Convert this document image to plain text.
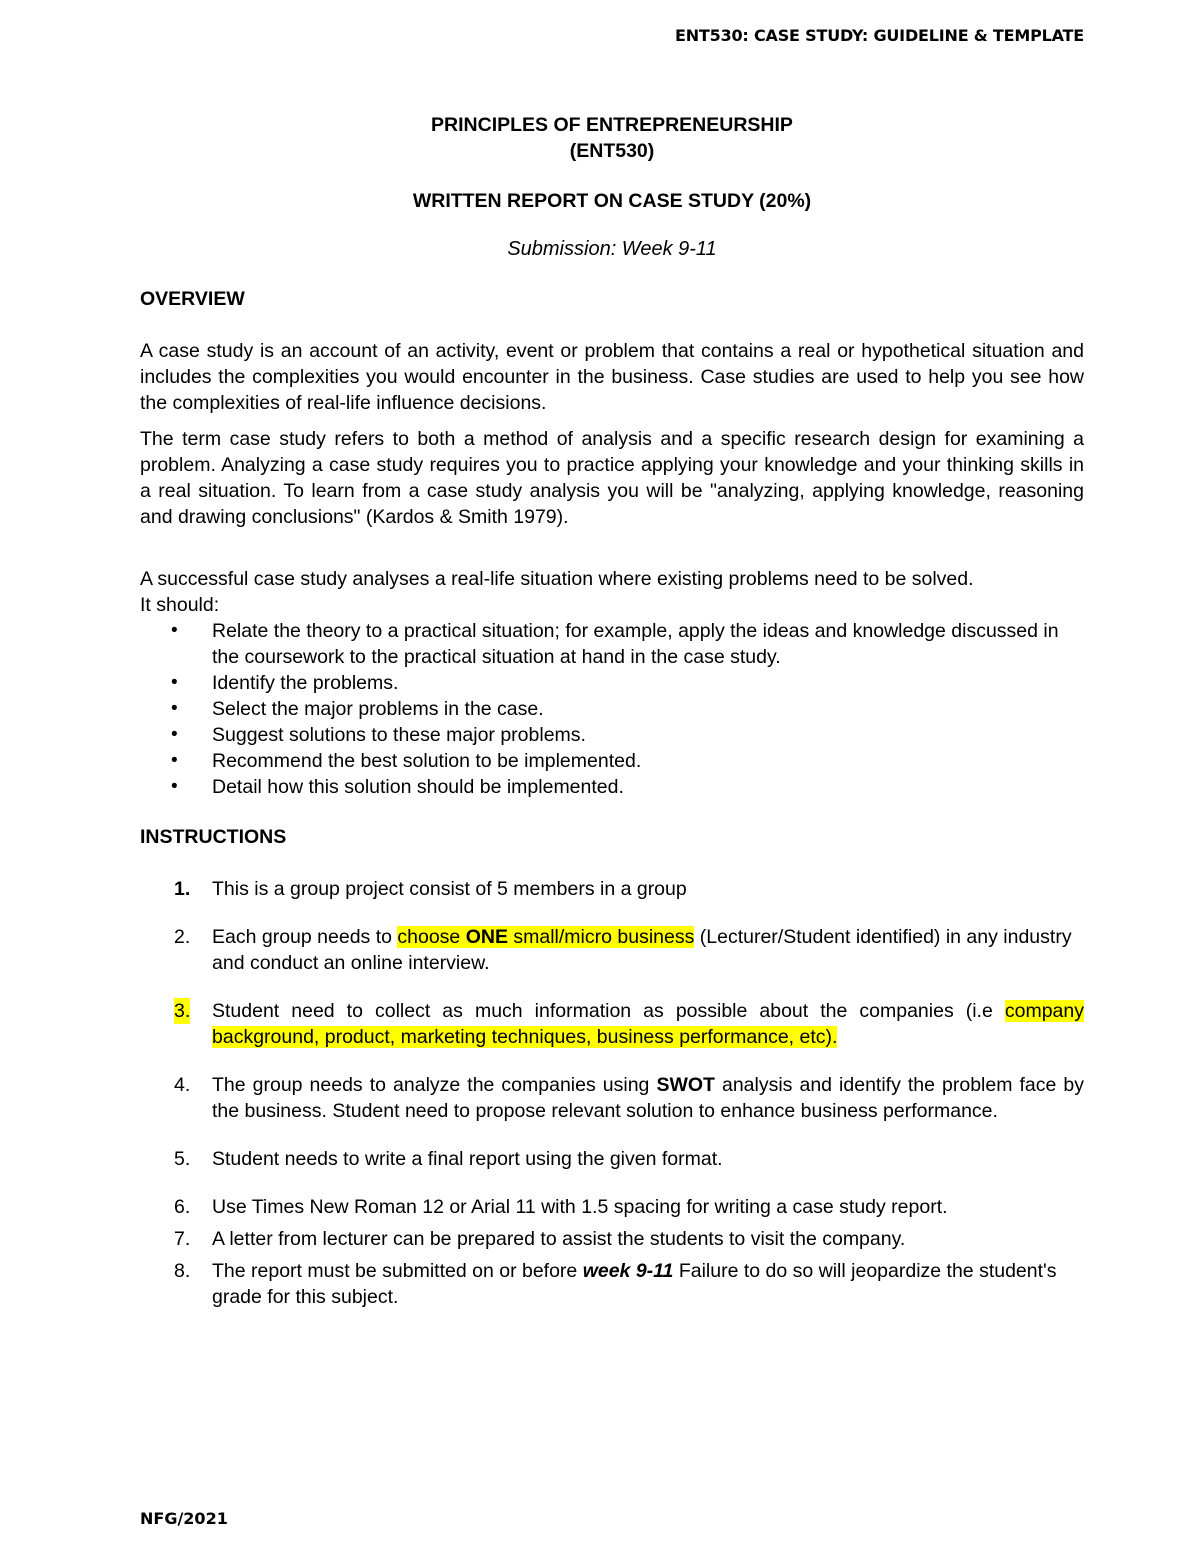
ENT530: CASE STUDY: GUIDELINE & TEMPLATE
PRINCIPLES OF ENTREPRENEURSHIP
(ENT530)
WRITTEN REPORT ON CASE STUDY (20%)
Submission: Week 9-11
OVERVIEW

A case study is an account of an activity, event or problem that contains a real or hypothetical situation and includes the complexities you would encounter in the business. Case studies are used to help you see how the complexities of real-life influence decisions.

The term case study refers to both a method of analysis and a specific research design for examining a problem. Analyzing a case study requires you to practice applying your knowledge and your thinking skills in a real situation. To learn from a case study analysis you will be "analyzing, applying knowledge, reasoning and drawing conclusions" (Kardos & Smith 1979).

A successful case study analyses a real-life situation where existing problems need to be solved.

It should:

• Relate the theory to a practical situation; for example, apply the ideas and knowledge discussed in the coursework to the practical situation at hand in the case study.
• Identify the problems.
• Select the major problems in the case.
• Suggest solutions to these major problems.
• Recommend the best solution to be implemented.
• Detail how this solution should be implemented.
INSTRUCTIONS
1. This is a group project consist of 5 members in a group
2. Each group needs to choose ONE small/micro business (Lecturer/Student identified) in any industry and conduct an online interview.
3. Student need to collect as much information as possible about the companies (i.e company background, product, marketing techniques, business performance, etc).
4. The group needs to analyze the companies using SWOT analysis and identify the problem face by the business. Student need to propose relevant solution to enhance business performance.
5. Student needs to write a final report using the given format.
6. Use Times New Roman 12 or Arial 11 with 1.5 spacing for writing a case study report.
7. A letter from lecturer can be prepared to assist the students to visit the company.
8. The report must be submitted on or before week 9-11 Failure to do so will jeopardize the student's grade for this subject.
NFG/2021
